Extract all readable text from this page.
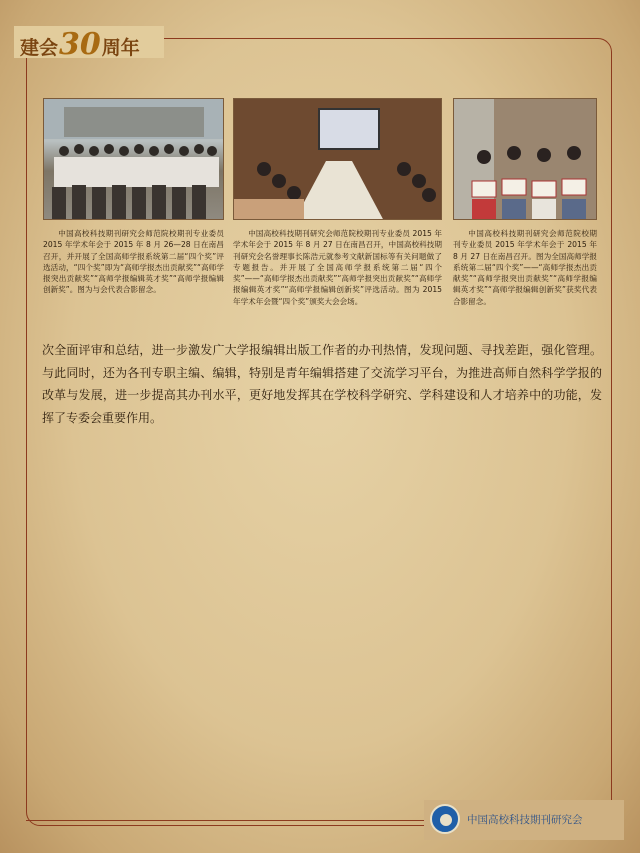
建会 30 周年

中国高校科技期刊研究会师范院校期刊专业委员 2015 年学术年会于 2015 年 8 月 26—28 日在南昌召开，并开展了全国高师学报系统第二届“四个奖”评选活动，“四个奖”即为“高师学报杰出贡献奖”“高师学报突出贡献奖”“高师学报编辑英才奖”“高师学报编辑创新奖”。图为与会代表合影留念。

中国高校科技期刊研究会师范院校期刊专业委员 2015 年学术年会于 2015 年 8 月 27 日在南昌召开，中国高校科技期刊研究会名誉理事长陈浩元就参考文献新国标等有关问题做了专题报告。并开展了全国高师学报系统第二届“四个奖”——“高师学报杰出贡献奖”“高师学报突出贡献奖”“高师学报编辑英才奖”“高师学报编辑创新奖”评选活动。图为 2015 年学术年会暨“四个奖”颁奖大会会场。

中国高校科技期刊研究会师范院校期刊专业委员 2015 年学术年会于 2015 年 8 月 27 日在南昌召开。图为全国高师学报系统第二届“四个奖”——“高师学报杰出贡献奖”“高师学报突出贡献奖”“高师学报编辑英才奖”“高师学报编辑创新奖”获奖代表合影留念。

次全面评审和总结，进一步激发广大学报编辑出版工作者的办刊热情，发现问题、寻找差距，强化管理。与此同时，还为各刊专职主编、编辑，特别是青年编辑搭建了交流学习平台，为推进高师自然科学学报的改革与发展，进一步提高其办刊水平，更好地发挥其在学校科学研究、学科建设和人才培养中的功能，发挥了专委会重要作用。

中国高校科技期刊研究会
